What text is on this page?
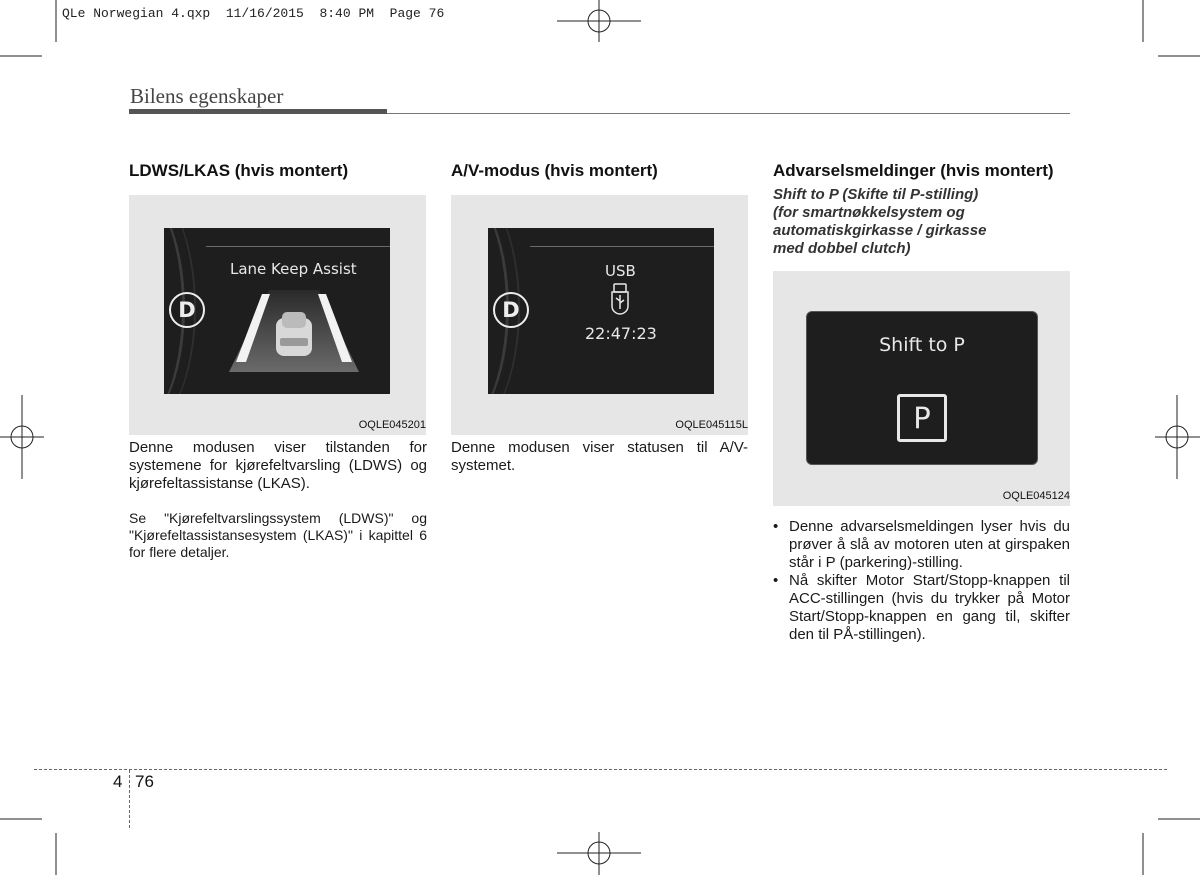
QLe Norwegian 4.qxp  11/16/2015  8:40 PM  Page 76
Bilens egenskaper
LDWS/LKAS (hvis montert)
D
Lane Keep Assist
OQLE045201

Denne modusen viser tilstanden for systemene for kjørefeltvarsling (LDWS) og kjørefeltassistanse (LKAS).

Se "Kjørefeltvarslingssystem (LDWS)" og "Kjørefeltassistansesystem (LKAS)" i kapittel 6 for flere detaljer.

A/V-modus (hvis montert)
D
USB
22:47:23
OQLE045115L

Denne modusen viser statusen til A/V-systemet.

Advarselsmeldinger (hvis montert)
Shift to P (Skifte til P-stilling)
(for smartnøkkelsystem og
automatiskgirkasse / girkasse
med dobbel clutch)
Shift to P
P
OQLE045124
• Denne advarselsmeldingen lyser hvis du prøver å slå av motoren uten at girspaken står i P (parkering)-stilling.
• Nå skifter Motor Start/Stopp-knappen til ACC-stillingen (hvis du trykker på Motor Start/Stopp-knappen en gang til, skifter den til PÅ-stillingen).
4 76
